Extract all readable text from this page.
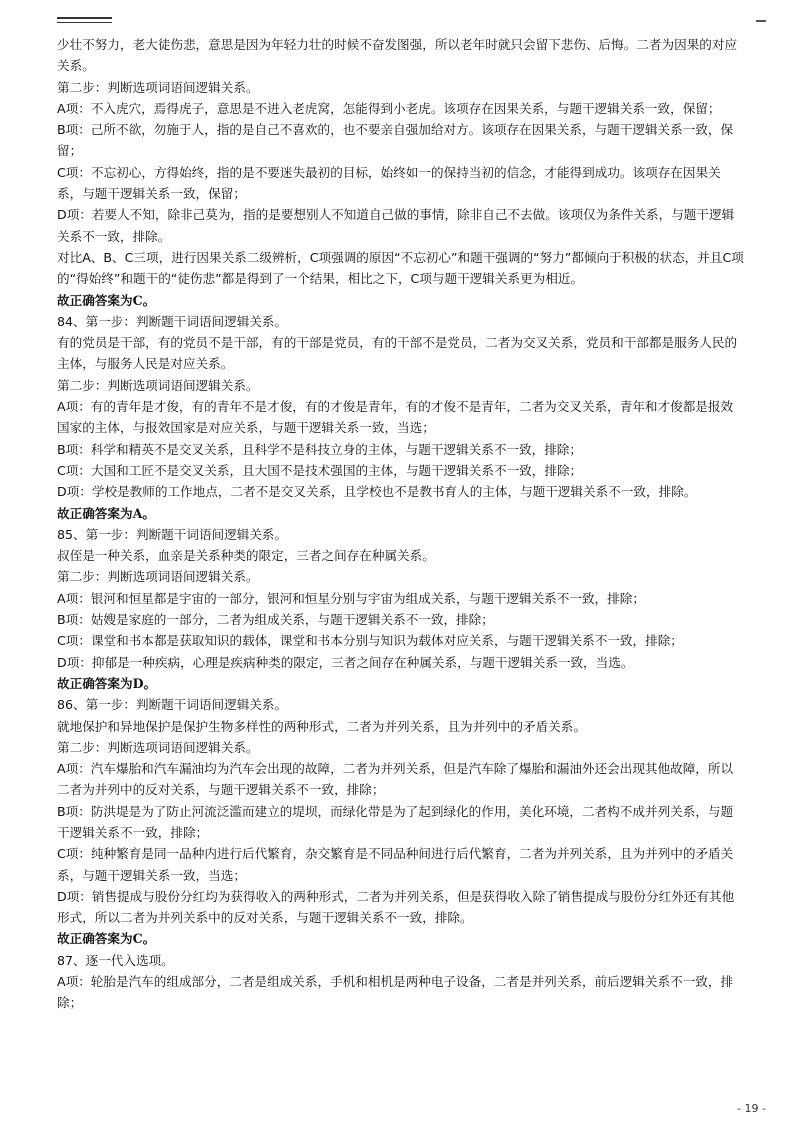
少壮不努力，老大徒伤悲，意思是因为年轻力壮的时候不奋发图强，所以老年时就只会留下悲伤、后悔。二者为因果的对应关系。

第二步：判断选项词语间逻辑关系。

A项：不入虎穴，焉得虎子，意思是不进入老虎窝，怎能得到小老虎。该项存在因果关系，与题干逻辑关系一致，保留；

B项：己所不欲，勿施于人，指的是自己不喜欢的，也不要亲自强加给对方。该项存在因果关系，与题干逻辑关系一致，保留；

C项：不忘初心，方得始终，指的是不要迷失最初的目标，始终如一的保持当初的信念，才能得到成功。该项存在因果关系，与题干逻辑关系一致，保留；

D项：若要人不知，除非己莫为，指的是要想别人不知道自己做的事情，除非自己不去做。该项仅为条件关系，与题干逻辑关系不一致，排除。

对比A、B、C三项，进行因果关系二级辨析，C项强调的原因“不忘初心”和题干强调的“努力”都倾向于积极的状态，并且C项的“得始终”和题干的“徒伤悲”都是得到了一个结果，相比之下，C项与题干逻辑关系更为相近。

故正确答案为C。

84、第一步：判断题干词语间逻辑关系。

有的党员是干部，有的党员不是干部，有的干部是党员，有的干部不是党员，二者为交叉关系，党员和干部都是服务人民的主体，与服务人民是对应关系。

第二步：判断选项词语间逻辑关系。

A项：有的青年是才俊，有的青年不是才俊，有的才俊是青年，有的才俊不是青年，二者为交叉关系，青年和才俊都是报效国家的主体，与报效国家是对应关系，与题干逻辑关系一致，当选；

B项：科学和精英不是交叉关系，且科学不是科技立身的主体，与题干逻辑关系不一致，排除；

C项：大国和工匠不是交叉关系，且大国不是技术强国的主体，与题干逻辑关系不一致，排除；

D项：学校是教师的工作地点，二者不是交叉关系，且学校也不是教书育人的主体，与题干逻辑关系不一致，排除。

故正确答案为A。

85、第一步：判断题干词语间逻辑关系。

叔侄是一种关系，血亲是关系种类的限定，三者之间存在种属关系。

第二步：判断选项词语间逻辑关系。

A项：银河和恒星都是宇宙的一部分，银河和恒星分别与宇宙为组成关系，与题干逻辑关系不一致，排除；

B项：姑嫂是家庭的一部分，二者为组成关系，与题干逻辑关系不一致，排除；

C项：课堂和书本都是获取知识的载体，课堂和书本分别与知识为载体对应关系，与题干逻辑关系不一致，排除；

D项：抑郁是一种疾病，心理是疾病种类的限定，三者之间存在种属关系，与题干逻辑关系一致，当选。

故正确答案为D。

86、第一步：判断题干词语间逻辑关系。

就地保护和异地保护是保护生物多样性的两种形式，二者为并列关系，且为并列中的矛盾关系。

第二步：判断选项词语间逻辑关系。

A项：汽车爆胎和汽车漏油均为汽车会出现的故障，二者为并列关系，但是汽车除了爆胎和漏油外还会出现其他故障，所以二者为并列中的反对关系，与题干逻辑关系不一致，排除；

B项：防洪堤是为了防止河流泛滥而建立的堤坝，而绿化带是为了起到绿化的作用，美化环境，二者构不成并列关系，与题干逻辑关系不一致，排除；

C项：纯种繁育是同一品种内进行后代繁育，杂交繁育是不同品种间进行后代繁育，二者为并列关系，且为并列中的矛盾关系，与题干逻辑关系一致，当选；

D项：销售提成与股份分红均为获得收入的两种形式，二者为并列关系，但是获得收入除了销售提成与股份分红外还有其他形式，所以二者为并列关系中的反对关系，与题干逻辑关系不一致，排除。

故正确答案为C。

87、逐一代入选项。

A项：轮胎是汽车的组成部分，二者是组成关系，手机和相机是两种电子设备，二者是并列关系，前后逻辑关系不一致，排除；

- 19 -
